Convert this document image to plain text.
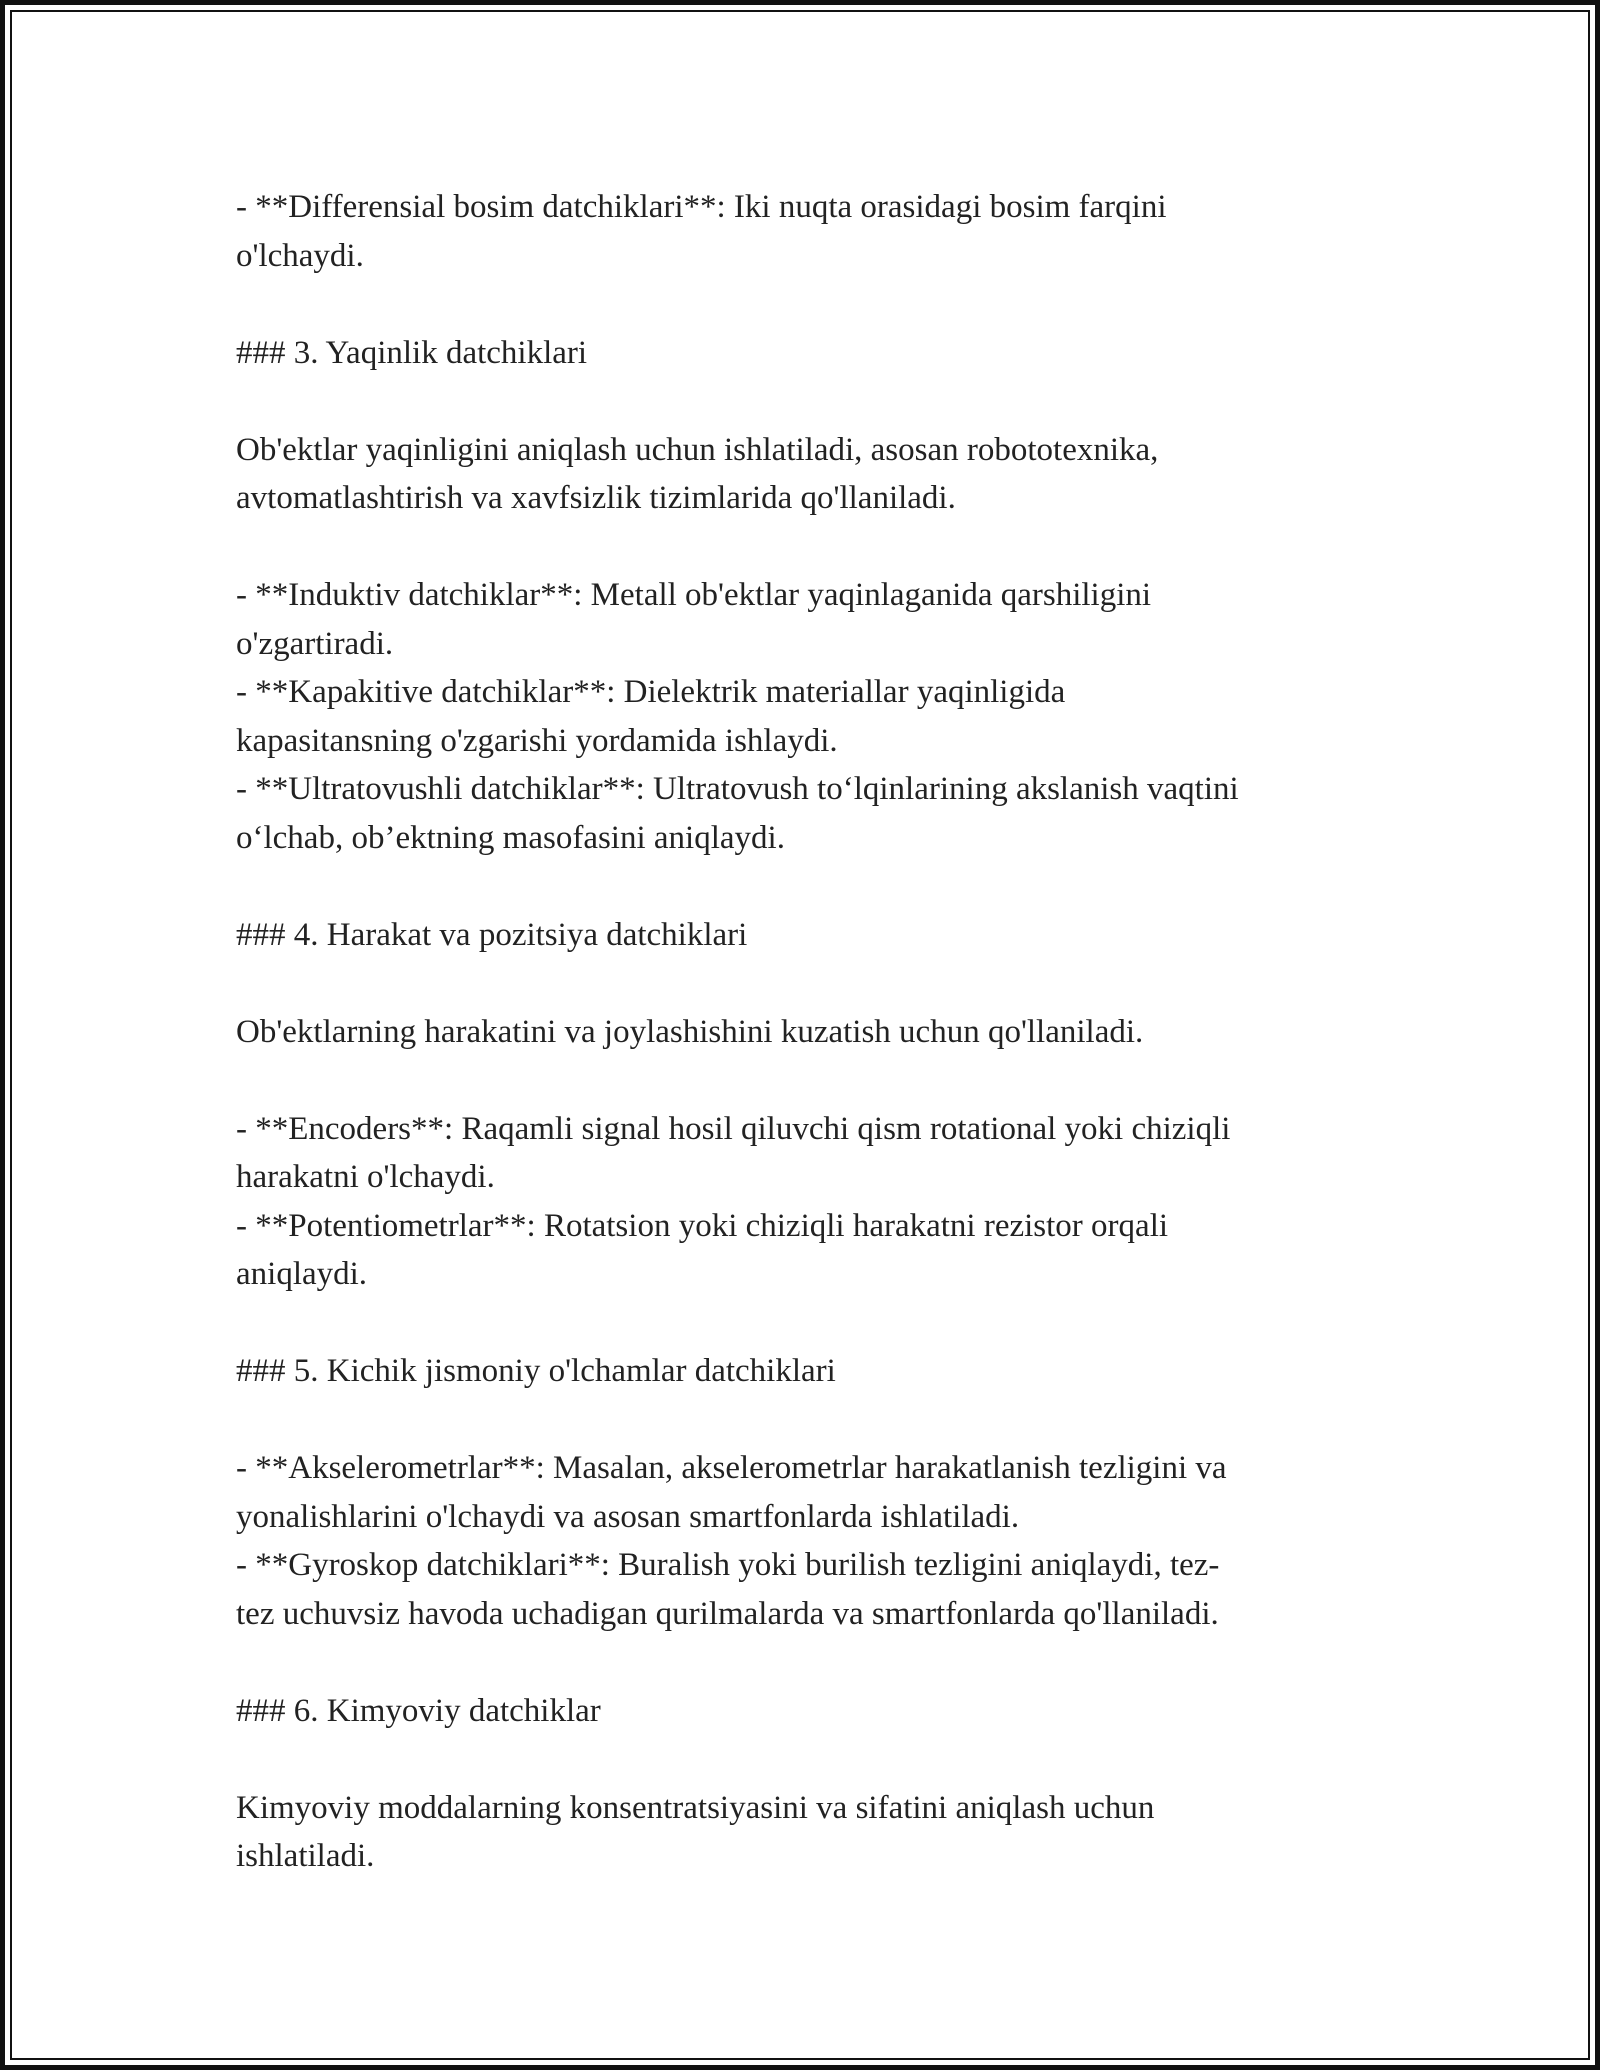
- **Differensial bosim datchiklari**: Iki nuqta orasidagi bosim farqini
o'lchaydi.

### 3. Yaqinlik datchiklari

Ob'ektlar yaqinligini aniqlash uchun ishlatiladi, asosan robototexnika,
avtomatlashtirish va xavfsizlik tizimlarida qo'llaniladi.

- **Induktiv datchiklar**: Metall ob'ektlar yaqinlaganida qarshiligini
o'zgartiradi.
- **Kapakitive datchiklar**: Dielektrik materiallar yaqinligida
kapasitansning o'zgarishi yordamida ishlaydi.
- **Ultratovushli datchiklar**: Ultratovush to‘lqinlarining akslanish vaqtini
o‘lchab, ob’ektning masofasini aniqlaydi.

### 4. Harakat va pozitsiya datchiklari

Ob'ektlarning harakatini va joylashishini kuzatish uchun qo'llaniladi.

- **Encoders**: Raqamli signal hosil qiluvchi qism rotational yoki chiziqli
harakatni o'lchaydi.
- **Potentiometrlar**: Rotatsion yoki chiziqli harakatni rezistor orqali
aniqlaydi.

### 5. Kichik jismoniy o'lchamlar datchiklari

- **Akselerometrlar**: Masalan, akselerometrlar harakatlanish tezligini va
yonalishlarini o'lchaydi va asosan smartfonlarda ishlatiladi.
- **Gyroskop datchiklari**: Buralish yoki burilish tezligini aniqlaydi, tez-
tez uchuvsiz havoda uchadigan qurilmalarda va smartfonlarda qo'llaniladi.

### 6. Kimyoviy datchiklar

Kimyoviy moddalarning konsentratsiyasini va sifatini aniqlash uchun
ishlatiladi.
